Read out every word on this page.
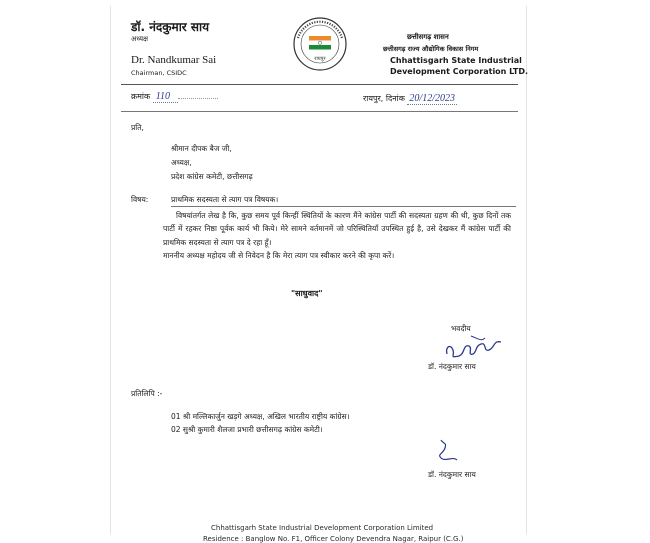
डॉ. नंदकुमार साय
अध्यक्ष
Dr. Nandkumar Sai
Chairman, CSIDC
रायपुर
छत्तीसगढ़ शासन
छत्तीसगढ़ राज्य औद्योगिक विकास निगम
Chhattisgarh State Industrial
Development Corporation LTD.
क्रमांक 110	रायपुर, दिनांक 20/12/2023
प्रति,
श्रीमान दीपक बैज जी,
अध्यक्ष,
प्रदेश कांग्रेस कमेटी, छत्तीसगढ़
विषय:	प्राथमिक सदस्यता से त्याग पत्र विषयक।

विषयांतर्गत लेख है कि, कुछ समय पूर्व किन्हीं स्थितियों के कारण मैंने कांग्रेस पार्टी की सदस्यता ग्रहण की थी, कुछ दिनों तक पार्टी में रहकर निष्ठा पूर्वक कार्य भी किये। मेरे सामने वर्तमानमें जो परिस्थितियाँ उपस्थित हुई है, उसे देखकर मैं कांग्रेस पार्टी की प्राथमिक सदस्यता से त्याग पत्र दे रहा हूँ।

माननीय अध्यक्ष महोदय जी से निवेदन है कि मेरा त्याग पत्र स्वीकार करने की कृपा करें।

"साधुवाद"
भवदीय
डॉ. नंदकुमार साय
प्रतिलिपि :-
01 श्री मल्लिकार्जुन खड़गे अध्यक्ष, अखिल भारतीय राष्ट्रीय कांग्रेस।
02 सुश्री कुमारी शैलजा प्रभारी छत्तीसगढ़ कांग्रेस कमेटी।
डॉ. नंदकुमार साय
Chhattisgarh State Industrial Development Corporation Limited
Residence : Banglow No. F1, Officer Colony Devendra Nagar, Raipur (C.G.)
